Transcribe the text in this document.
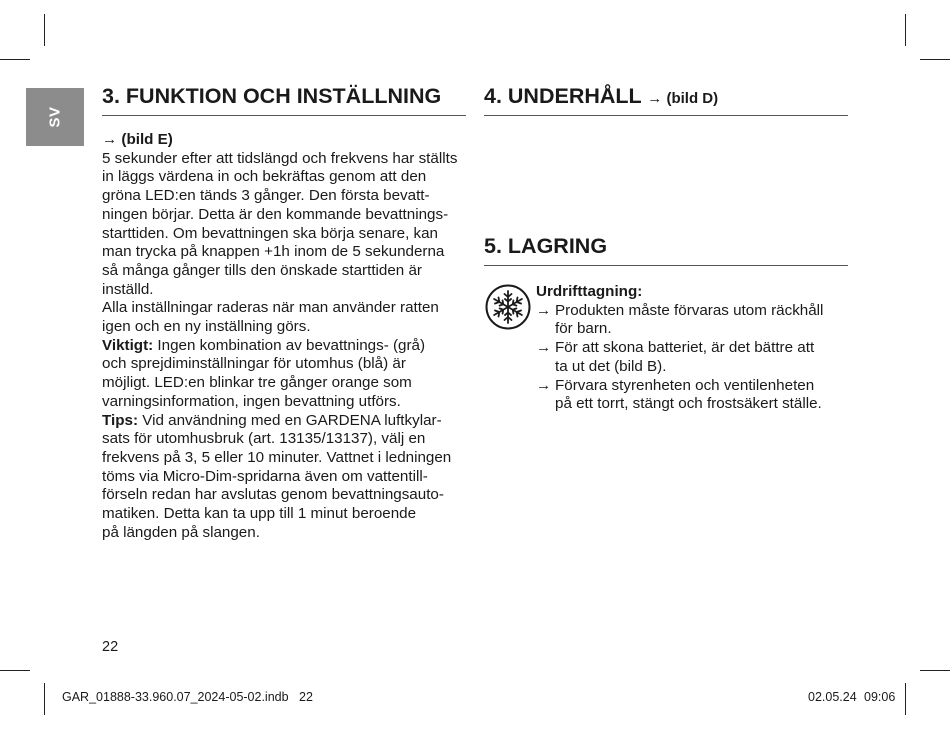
SV
3. FUNKTION OCH INSTÄLLNING

→ (bild E)

5 sekunder efter att tidslängd och frekvens har ställts
in läggs värdena in och bekräftas genom att den
gröna LED:en tänds 3 gånger. Den första bevatt-
ningen börjar. Detta är den kommande bevattnings-
starttiden. Om bevattningen ska börja senare, kan
man trycka på knappen +1h inom de 5 sekunderna
så många gånger tills den önskade starttiden är
inställd.

Alla inställningar raderas när man använder ratten
igen och en ny inställning görs.

Viktigt: Ingen kombination av bevattnings- (grå)
och sprejdiminställningar för utomhus (blå) är
möjligt. LED:en blinkar tre gånger orange som
varningsinformation, ingen bevattning utförs.

Tips: Vid användning med en GARDENA luftkylar-
sats för utomhusbruk (art. 13135/13137), välj en
frekvens på 3, 5 eller 10 minuter. Vattnet i ledningen
töms via Micro-Dim-spridarna även om vattentill-
förseln redan har avslutas genom bevattningsauto-
matiken. Detta kan ta upp till 1 minut beroende
på längden på slangen.

4. UNDERHÅLL → (bild D)
5. LAGRING
Urdrifttagning:
→ Produkten måste förvaras utom räckhåll
för barn.
→ För att skona batteriet, är det bättre att
ta ut det (bild B).
→ Förvara styrenheten och ventilenheten
på ett torrt, stängt och frostsäkert ställe.
22
GAR_01888-33.960.07_2024-05-02.indb   22	02.05.24 09:06
